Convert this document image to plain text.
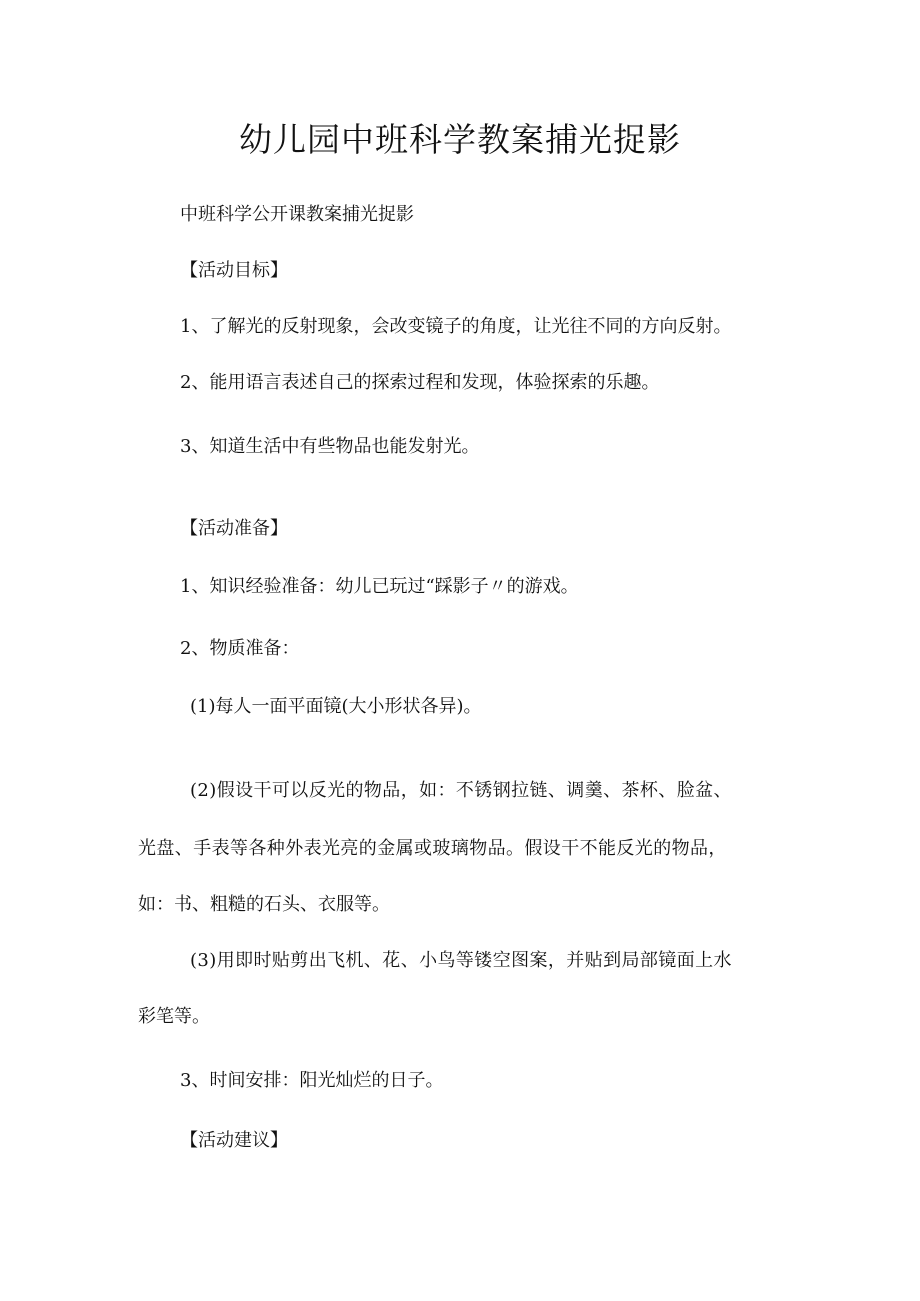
幼儿园中班科学教案捕光捉影

中班科学公开课教案捕光捉影

【活动目标】

1、了解光的反射现象，会改变镜子的角度，让光往不同的方向反射。

2、能用语言表述自己的探索过程和发现，体验探索的乐趣。

3、知道生活中有些物品也能发射光。

【活动准备】

1、知识经验准备：幼儿已玩过“踩影子〃的游戏。

2、物质准备：

(1)每人一面平面镜(大小形状各异)。

(2)假设干可以反光的物品，如：不锈钢拉链、调羹、茶杯、脸盆、

光盘、手表等各种外表光亮的金属或玻璃物品。假设干不能反光的物品，

如：书、粗糙的石头、衣服等。

(3)用即时贴剪出飞机、花、小鸟等镂空图案，并贴到局部镜面上水

彩笔等。

3、时间安排：阳光灿烂的日子。

【活动建议】
